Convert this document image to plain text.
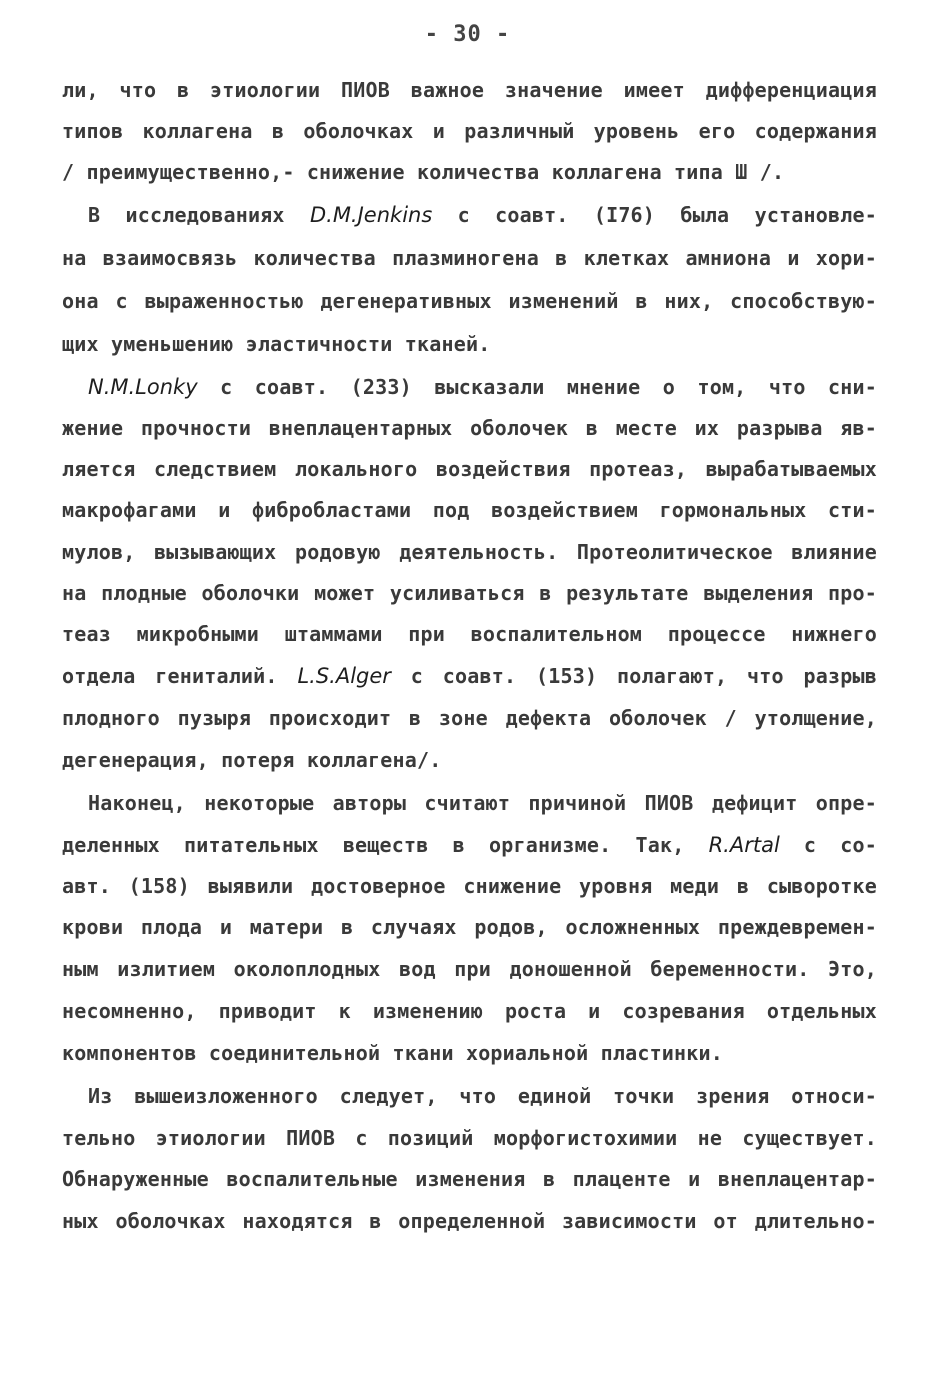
- 30 -
ли, что в этиологии ПИОВ важное значение имеет дифференциация
типов коллагена в оболочках и различный уровень его содержания
/ преимущественно,- снижение количества коллагена типа Ш /.
В исследованиях D.M.Jenkins с соавт. (I76) была установле-
на взаимосвязь количества плазминогена в клетках амниона и хори-
она с выраженностью дегенеративных изменений в них, способствую-
щих уменьшению эластичности тканей.
N.M.Lonky с соавт. (233) высказали мнение о том, что сни-
жение прочности внеплацентарных оболочек в месте их разрыва яв-
ляется следствием локального воздействия протеаз, вырабатываемых
макрофагами и фибробластами под воздействием гормональных сти-
мулов, вызывающих родовую деятельность. Протеолитическое влияние
на плодные оболочки может усиливаться в результате выделения про-
теаз микробными штаммами при воспалительном процессе нижнего
отдела гениталий. L.S.Alger с соавт. (153) полагают, что разрыв
плодного пузыря происходит в зоне дефекта оболочек / утолщение,
дегенерация, потеря коллагена/.
Наконец, некоторые авторы считают причиной ПИОВ дефицит опре-
деленных питательных веществ в организме. Так, R.Artal с со-
авт. (158) выявили достоверное снижение уровня меди в сыворотке
крови плода и матери в случаях родов, осложненных преждевремен-
ным излитием околоплодных вод при доношенной беременности. Это,
несомненно, приводит к изменению роста и созревания отдельных
компонентов соединительной ткани хориальной пластинки.
Из вышеизложенного следует, что единой точки зрения относи-
тельно этиологии ПИОВ с позиций морфогистохимии не существует.
Обнаруженные воспалительные изменения в плаценте и внеплацентар-
ных оболочках находятся в определенной зависимости от длительно-
